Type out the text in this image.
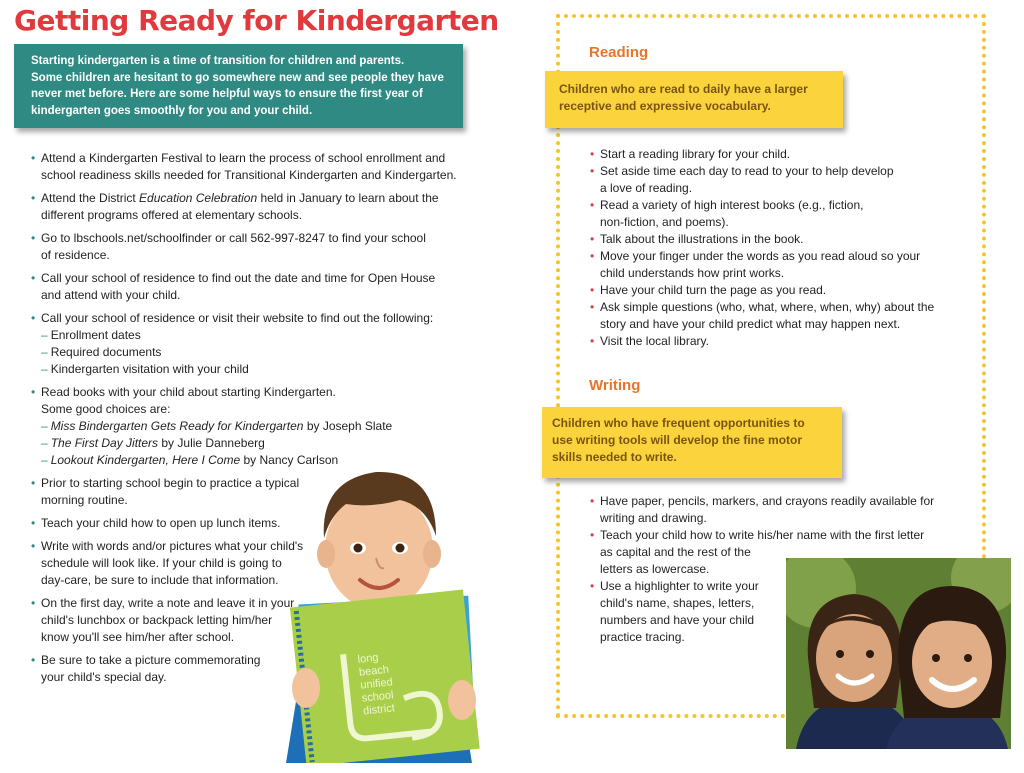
Getting Ready for Kindergarten
Starting kindergarten is a time of transition for children and parents.
Some children are hesitant to go somewhere new and see people they have
never met before. Here are some helpful ways to ensure the first year of
kindergarten goes smoothly for you and your child.
• Attend a Kindergarten Festival to learn the process of school enrollment and
school readiness skills needed for Transitional Kindergarten and Kindergarten.
• Attend the District Education Celebration held in January to learn about the
different programs offered at elementary schools.
• Go to lbschools.net/schoolfinder or call 562-997-8247 to find your school
of residence.
• Call your school of residence to find out the date and time for Open House
and attend with your child.
• Call your school of residence or visit their website to find out the following:
– Enrollment dates
– Required documents
– Kindergarten visitation with your child
• Read books with your child about starting Kindergarten.
Some good choices are:
– Miss Bindergarten Gets Ready for Kindergarten by Joseph Slate
– The First Day Jitters by Julie Danneberg
– Lookout Kindergarten, Here I Come by Nancy Carlson
• Prior to starting school begin to practice a typical
morning routine.
• Teach your child how to open up lunch items.
• Write with words and/or pictures what your child's
schedule will look like. If your child is going to
day-care, be sure to include that information.
• On the first day, write a note and leave it in your
child's lunchbox or backpack letting him/her
know you'll see him/her after school.
• Be sure to take a picture commemorating
your child's special day.
long
beach
unified
school
district
Reading
Children who are read to daily have a larger
receptive and expressive vocabulary.
• Start a reading library for your child.
• Set aside time each day to read to your to help develop
a love of reading.
• Read a variety of high interest books (e.g., fiction,
non-fiction, and poems).
• Talk about the illustrations in the book.
• Move your finger under the words as you read aloud so your
child understands how print works.
• Have your child turn the page as you read.
• Ask simple questions (who, what, where, when, why) about the
story and have your child predict what may happen next.
• Visit the local library.
Writing
Children who have frequent opportunities to
use writing tools will develop the fine motor
skills needed to write.
• Have paper, pencils, markers, and crayons readily available for
writing and drawing.
• Teach your child how to write his/her name with the first letter
as capital and the rest of the
letters as lowercase.
• Use a highlighter to write your
child's name, shapes, letters,
numbers and have your child
practice tracing.
